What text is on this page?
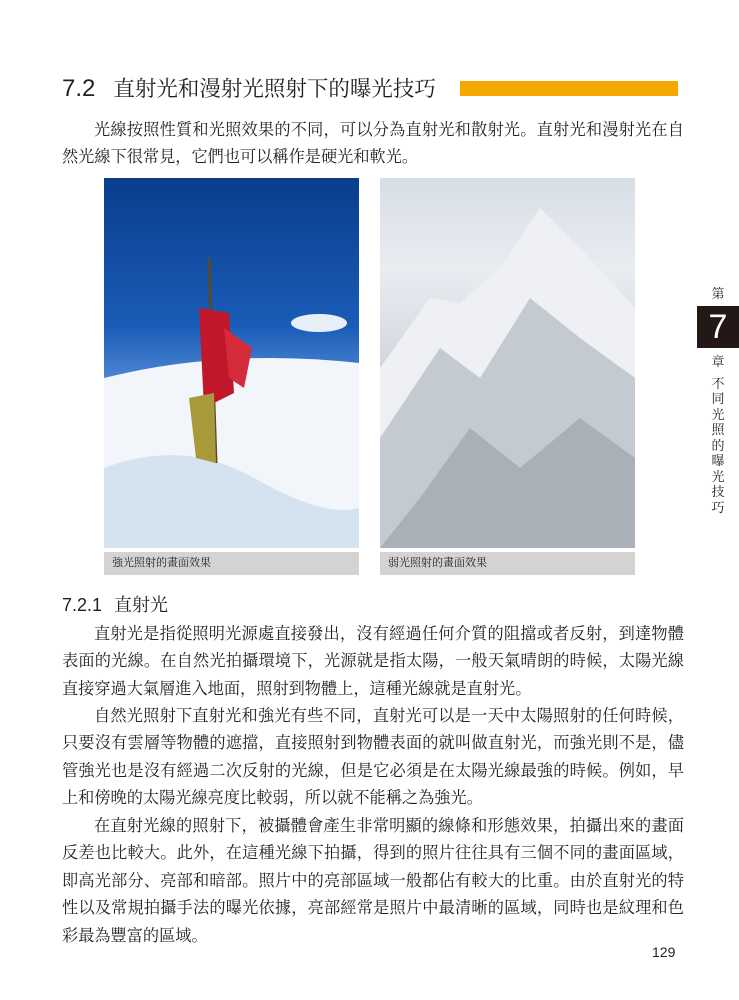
7.2 直射光和漫射光照射下的曝光技巧
光線按照性質和光照效果的不同，可以分為直射光和散射光。直射光和漫射光在自
然光線下很常見，它們也可以稱作是硬光和軟光。
強光照射的畫面效果	弱光照射的畫面效果
7.2.1 直射光
直射光是指從照明光源處直接發出，沒有經過任何介質的阻擋或者反射，到達物體
表面的光線。在自然光拍攝環境下，光源就是指太陽，一般天氣晴朗的時候，太陽光線
直接穿過大氣層進入地面，照射到物體上，這種光線就是直射光。
自然光照射下直射光和強光有些不同，直射光可以是一天中太陽照射的任何時候，
只要沒有雲層等物體的遮擋，直接照射到物體表面的就叫做直射光，而強光則不是，儘
管強光也是沒有經過二次反射的光線，但是它必須是在太陽光線最強的時候。例如，早
上和傍晚的太陽光線亮度比較弱，所以就不能稱之為強光。
在直射光線的照射下，被攝體會產生非常明顯的線條和形態效果，拍攝出來的畫面
反差也比較大。此外，在這種光線下拍攝，得到的照片往往具有三個不同的畫面區域，
即高光部分、亮部和暗部。照片中的亮部區域一般都佔有較大的比重。由於直射光的特
性以及常規拍攝手法的曝光依據，亮部經常是照片中最清晰的區域，同時也是紋理和色
彩最為豐富的區域。
第
7
章
不
同
光
照
的
曝
光
技
巧
129
